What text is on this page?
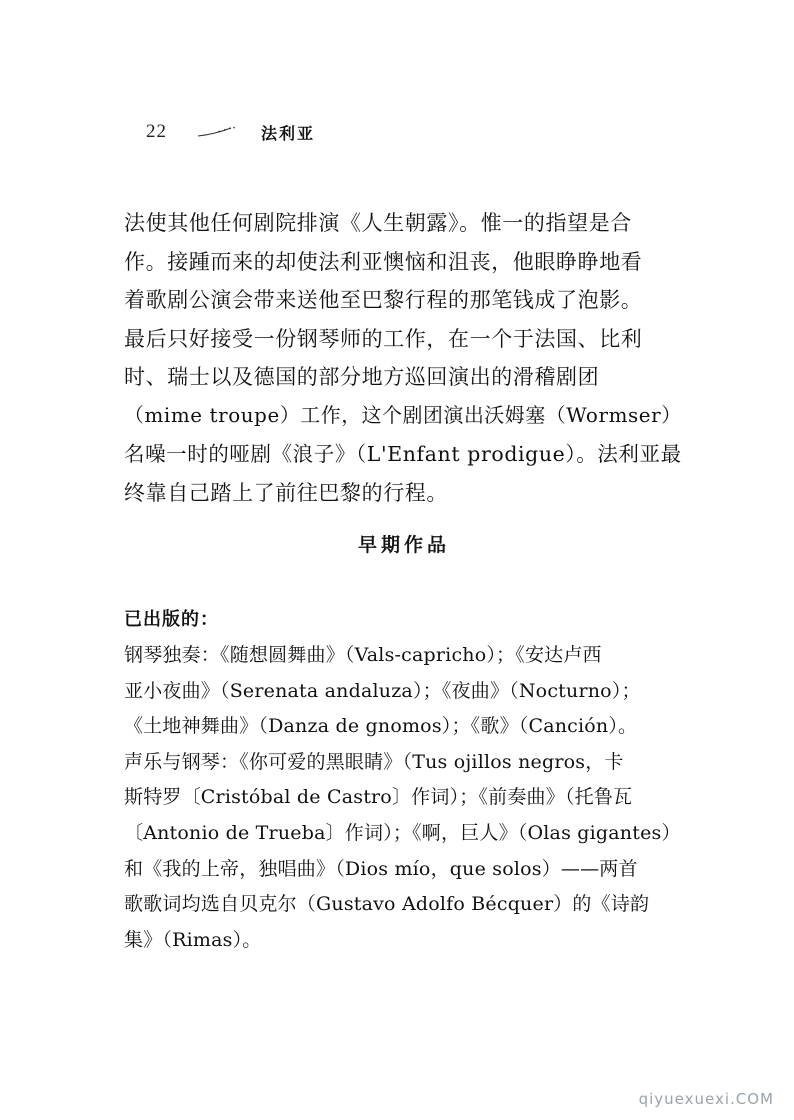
22	法利亚
法使其他任何剧院排演《人生朝露》。惟一的指望是合
作。接踵而来的却使法利亚懊恼和沮丧，他眼睁睁地看
着歌剧公演会带来送他至巴黎行程的那笔钱成了泡影。
最后只好接受一份钢琴师的工作，在一个于法国、比利
时、瑞士以及德国的部分地方巡回演出的滑稽剧团
（mime troupe）工作，这个剧团演出沃姆塞（Wormser）
名噪一时的哑剧《浪子》（L'Enfant prodigue）。法利亚最
终靠自己踏上了前往巴黎的行程。
早期作品
已出版的：
钢琴独奏：《随想圆舞曲》（Vals-capricho）；《安达卢西
亚小夜曲》（Serenata andaluza）；《夜曲》（Nocturno）；
《土地神舞曲》（Danza de gnomos）；《歌》（Canción）。
声乐与钢琴：《你可爱的黑眼睛》（Tus ojillos negros，卡
斯特罗〔Cristóbal de Castro〕作词）；《前奏曲》（托鲁瓦
〔Antonio de Trueba〕作词）；《啊，巨人》（Olas gigantes）
和《我的上帝，独唱曲》（Dios mío，que solos）——两首
歌歌词均选自贝克尔（Gustavo Adolfo Bécquer）的《诗韵
集》（Rimas）。
qiyuexuexi.COM
